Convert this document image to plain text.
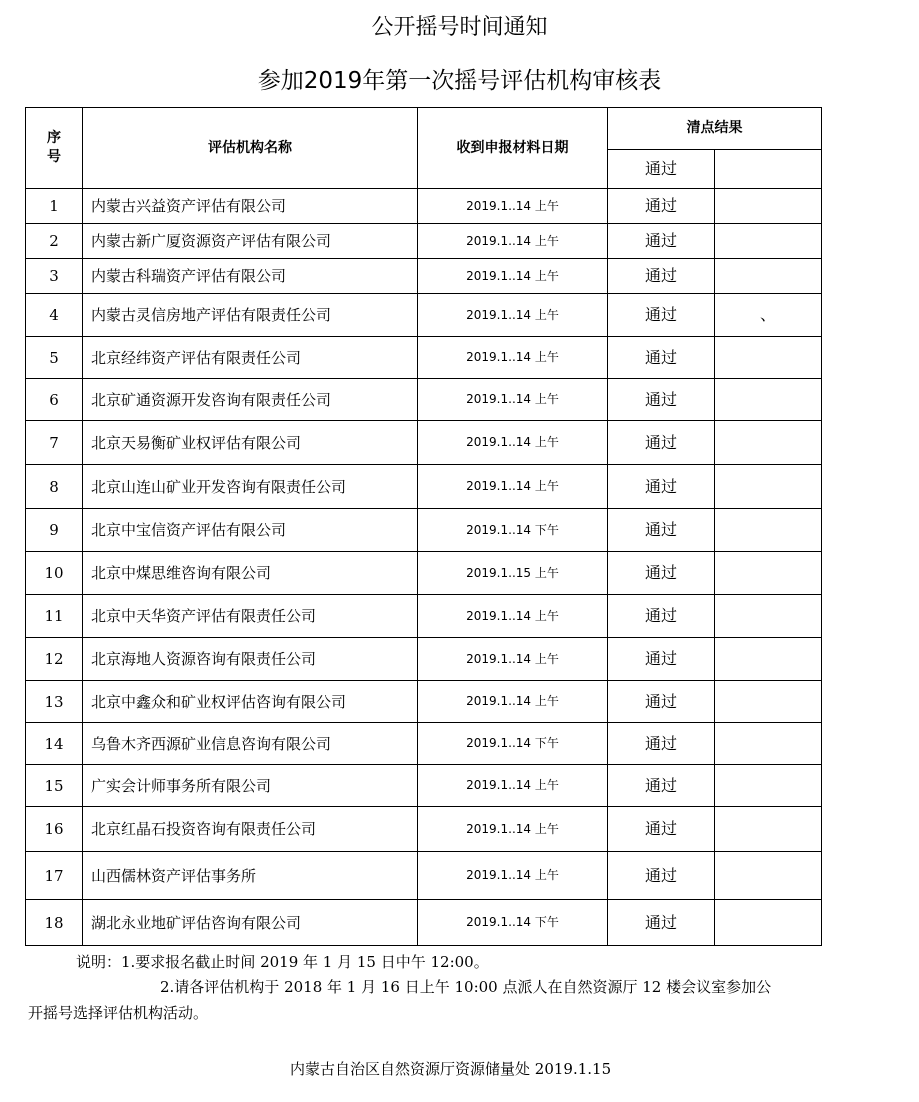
公开摇号时间通知
参加2019年第一次摇号评估机构审核表
序号	评估机构名称	收到申报材料日期	清点结果	
			通过	
1	内蒙古兴益资产评估有限公司	2019.1..14 上午	通过	
2	内蒙古新广厦资源资产评估有限公司	2019.1..14 上午	通过	
3	内蒙古科瑞资产评估有限公司	2019.1..14 上午	通过	
4	内蒙古灵信房地产评估有限责任公司	2019.1..14 上午	通过	、
5	北京经纬资产评估有限责任公司	2019.1..14 上午	通过	
6	北京矿通资源开发咨询有限责任公司	2019.1..14 上午	通过	
7	北京天易衡矿业权评估有限公司	2019.1..14 上午	通过	
8	北京山连山矿业开发咨询有限责任公司	2019.1..14 上午	通过	
9	北京中宝信资产评估有限公司	2019.1..14 下午	通过	
10	北京中煤思维咨询有限公司	2019.1..15 上午	通过	
11	北京中天华资产评估有限责任公司	2019.1..14 上午	通过	
12	北京海地人资源咨询有限责任公司	2019.1..14 上午	通过	
13	北京中鑫众和矿业权评估咨询有限公司	2019.1..14 上午	通过	
14	乌鲁木齐西源矿业信息咨询有限公司	2019.1..14 下午	通过	
15	广实会计师事务所有限公司	2019.1..14 上午	通过	
16	北京红晶石投资咨询有限责任公司	2019.1..14 上午	通过	
17	山西儒林资产评估事务所	2019.1..14 上午	通过	
18	湖北永业地矿评估咨询有限公司	2019.1..14 下午	通过	
说明：1.要求报名截止时间 2019 年 1 月 15 日中午 12:00。
2.请各评估机构于 2018 年 1 月 16 日上午 10:00 点派人在自然资源厅 12 楼会议室参加公
开摇号选择评估机构活动。
内蒙古自治区自然资源厅资源储量处 2019.1.15
